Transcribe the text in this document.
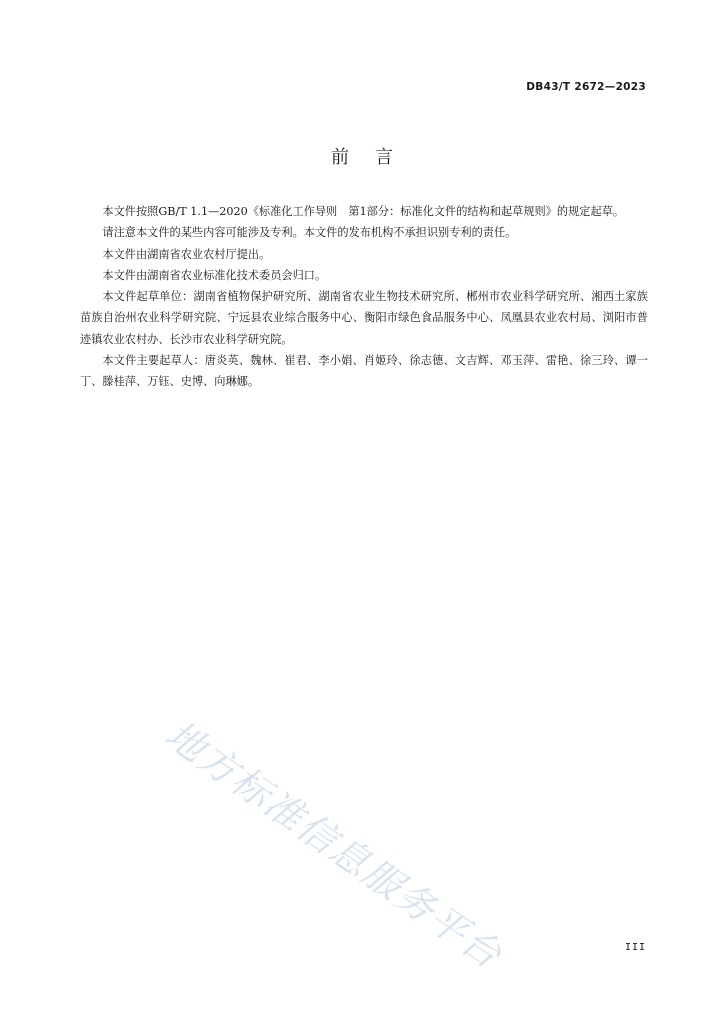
DB43/T 2672—2023
前言

本文件按照GB/T 1.1—2020《标准化工作导则　第1部分：标准化文件的结构和起草规则》的规定起草。

请注意本文件的某些内容可能涉及专利。本文件的发布机构不承担识别专利的责任。

本文件由湖南省农业农村厅提出。

本文件由湖南省农业标准化技术委员会归口。

本文件起草单位：湖南省植物保护研究所、湖南省农业生物技术研究所、郴州市农业科学研究所、湘西土家族苗族自治州农业科学研究院、宁远县农业综合服务中心、衡阳市绿色食品服务中心、凤凰县农业农村局、浏阳市普迹镇农业农村办、长沙市农业科学研究院。

本文件主要起草人：唐炎英、魏林、崔君、李小娟、肖姬玲、徐志德、文吉辉、邓玉萍、雷艳、徐三玲、谭一丁、滕桂萍、万钰、史博、向琳娜。

地方标准信息服务平台	III
